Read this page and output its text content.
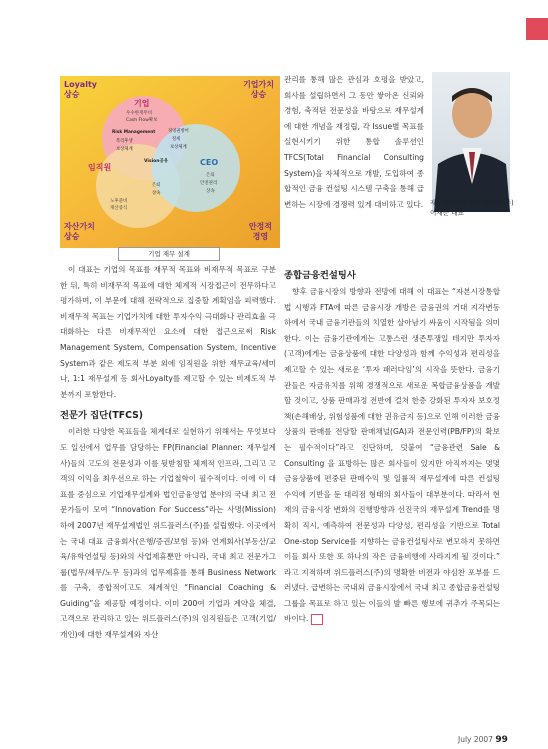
Loyalty
상승
기업가치
상승
자산가치
상승
안정적
경영
기업
우수한재무비
Cash Flow확보
임직원
노후준비
재산증식
CEO
은퇴
안전관리
상속
Risk Management
복리후생
보상체계
경영권방어
절세
보상체계
Vision공유
은퇴
상속
기업 재무 설계

이 대표는 기업의 목표를 재무적 목표와 비재무적 목표로 구분한 뒤, 특히 비재무적 목표에 대한 체계적 시장접근이 전무하다고 평가하며, 이 부문에 대해 전략적으로 집중할 계획임을 피력했다. 비재무적 목표는 기업가치에 대한 투자수익 극대화나 관리효율 극대화하는 다른 비재무적인 요소에 대한 접근으로써 Risk Management System, Compensation System, Incentive System과 같은 제도적 부분 외에 임직원을 위한 재무교육/세미나, 1:1 재무설계 등 회사Loyalty를 제고할 수 있는 비제도적 부분까지 포함한다.

전문가 집단(TFCS)

이러한 다양한 목표들을 체계대로 실현하기 위해서는 무엇보다도 일선에서 업무를 담당하는 FP(Financial Planner: 재무설계사)들의 고도의 전문성과 이를 뒷받침할 체계적 인프라, 그리고 고객의 이익을 최우선으로 하는 기업철학이 필수적이다. 이에 이 대표를 중심으로 기업재무설계와 법인금융영업 분야의 국내 최고 전문가들이 모여 “Innovation For Success”라는 사명(Mission)하에 2007년 재무설계법인 위드플러스(주)를 설립했다. 이곳에서는 국내 대표 금융회사(은행/증권/보험 등)와 연계회사(부동산/교육/유학연설팅 등)와의 사업제휴뿐만 아니라, 국내 최고 전문가그룹(법무/세무/노무 등)과의 업무제휴를 통해 Business Network를 구축, 종합적이고도 체계적인 “Financial Coaching & Guiding”을 제공할 예정이다. 이미 200여 기업과 계약을 체결, 고객으로 관리하고 있는 위드플러스(주)의 임직원들은 고객(기업/개인)에 대한 재무설계와 자산

관리를 통해 많은 관심과 호평을 받았고, 회사를 설립하면서 그 동안 쌓아온 신뢰와 경험, 축적된 전문성을 바탕으로 재무설계에 대한 개념을 재정립, 각 Issue별 목표를 실현시키기 위한 통합 솔루션인 TFCS(Total Financial Consulting System)을 자체적으로 개발, 도입하여 종합적인 금융 컨설팅 시스템 구축을 통해 급변하는 시장에 경쟁력 있게 대비하고 있다. 재무설계법인 위드플러스(주)
이재준 대표

종합금융컨설팅사

향후 금융시장의 방향과 전망에 대해 이 대표는 “자본시장통합법 시행과 FTA에 따른 금융시장 개방은 금융권의 거대 지각변동 하에서 국내 금융기관들의 치열한 살아남기 싸움이 시작됨을 의미한다. 이는 금융기관에게는 고통스런 생존투쟁일 테지만 투자자(고객)에게는 금융상품에 대한 다양성과 함께 수익성과 편리성을 제고할 수 있는 새로운 ‘투자 패러다임’의 시작을 뜻한다. 금융기관들은 자금유치를 위해 경쟁적으로 새로운 복합금융상품을 개발할 것이고, 상품 판매과정 전반에 걸쳐 한층 강화된 투자자 보호정책(손해배상, 위험성품에 대한 권유금지 등)으로 인해 이러한 금융상품의 판매를 전담할 판매채널(GA)과 전문인력(PB/FP)의 확보는 필수적이다”라고 진단하며, 덧붙여 “금융관련 Sale & Consulting 을 표방하는 많은 회사들이 있지만 아직까지는 몇몇 금융상품에 편중된 판매수익 및 일률적 재무설계에 따른 컨설팅 수익에 기반을 둔 대리점 형태의 회사들이 대부분이다. 따라서 현재의 금융시장 변화의 진행방향과 선진국의 재무설계 Trend를 명확히 직시, 예측하여 전문성과 다양성, 편리성을 기반으로 Total One-stop Service를 지향하는 금융컨설팅사로 변모하지 못하면 이들 회사 또한 또 하나의 작은 금융비행에 사라지게 될 것이다.” 라고 지적하며 위드플러스(주)의 명확한 비전과 야심찬 포부를 드러냈다. 급변하는 국내외 금융시장에서 국내 최고 종합금융컨설팅 그룹을 목표로 하고 있는 이들의 발 빠른 행보에 귀추가 주목되는 바이다.

July 2007 99
